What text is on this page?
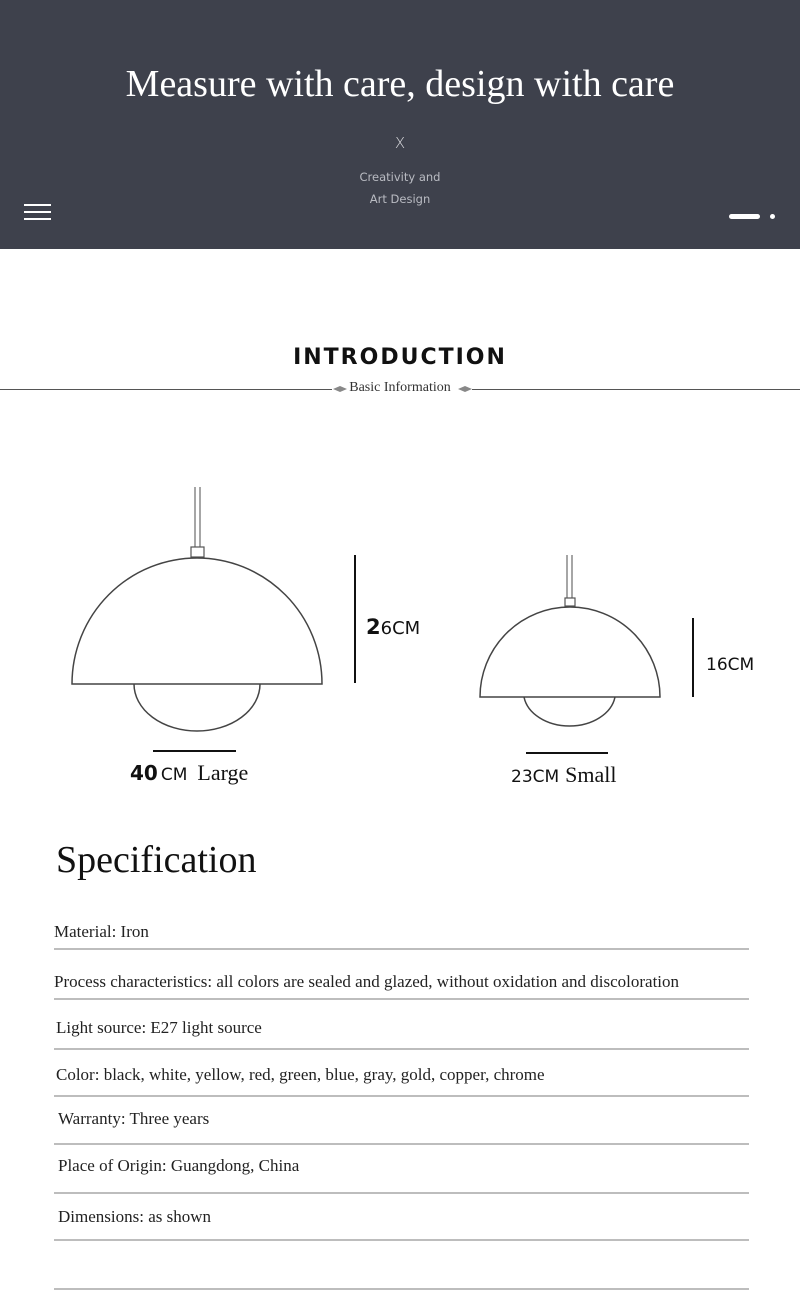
Measure with care, design with care
X
Creativity and
Art Design
INTRODUCTION
Basic Information
26CM
40 CM Large
16CM
23CM Small
Specification
Material: Iron
Process characteristics: all colors are sealed and glazed, without oxidation and discoloration
Light source: E27 light source
Color: black, white, yellow, red, green, blue, gray, gold, copper, chrome
Warranty: Three years
Place of Origin: Guangdong, China
Dimensions: as shown
